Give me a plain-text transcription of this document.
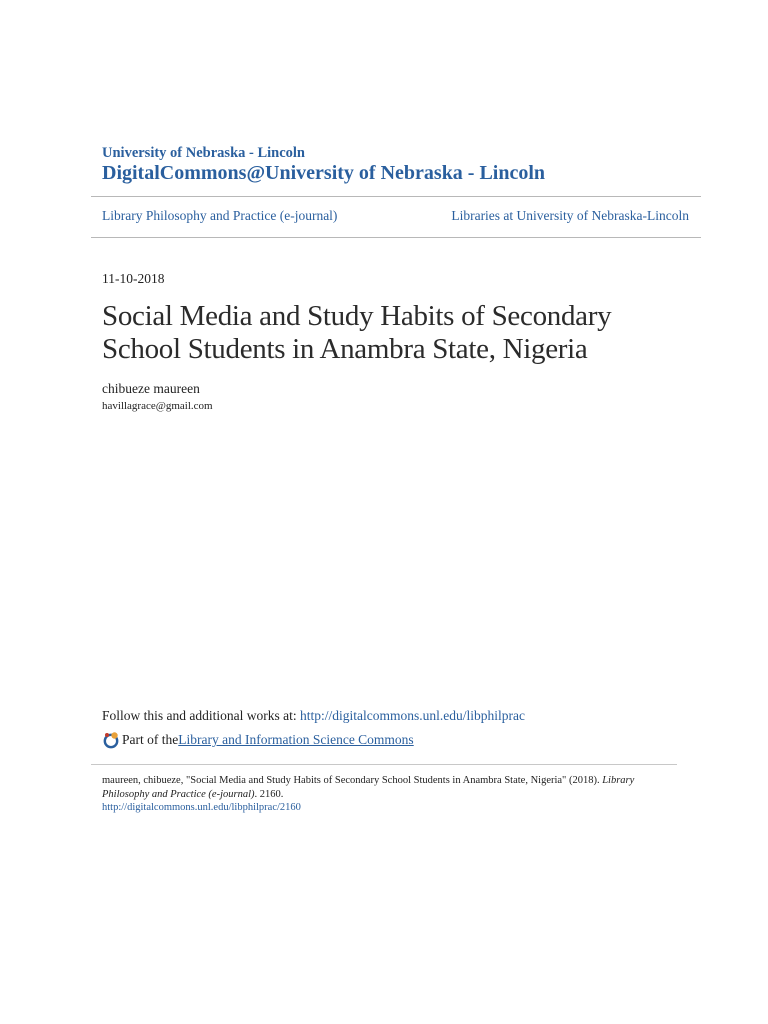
University of Nebraska - Lincoln
DigitalCommons@University of Nebraska - Lincoln
Library Philosophy and Practice (e-journal)	Libraries at University of Nebraska-Lincoln
11-10-2018
Social Media and Study Habits of Secondary School Students in Anambra State, Nigeria
chibueze maureen
havillagrace@gmail.com
Follow this and additional works at: http://digitalcommons.unl.edu/libphilprac
Part of the Library and Information Science Commons
maureen, chibueze, "Social Media and Study Habits of Secondary School Students in Anambra State, Nigeria" (2018). Library Philosophy and Practice (e-journal). 2160.
http://digitalcommons.unl.edu/libphilprac/2160
